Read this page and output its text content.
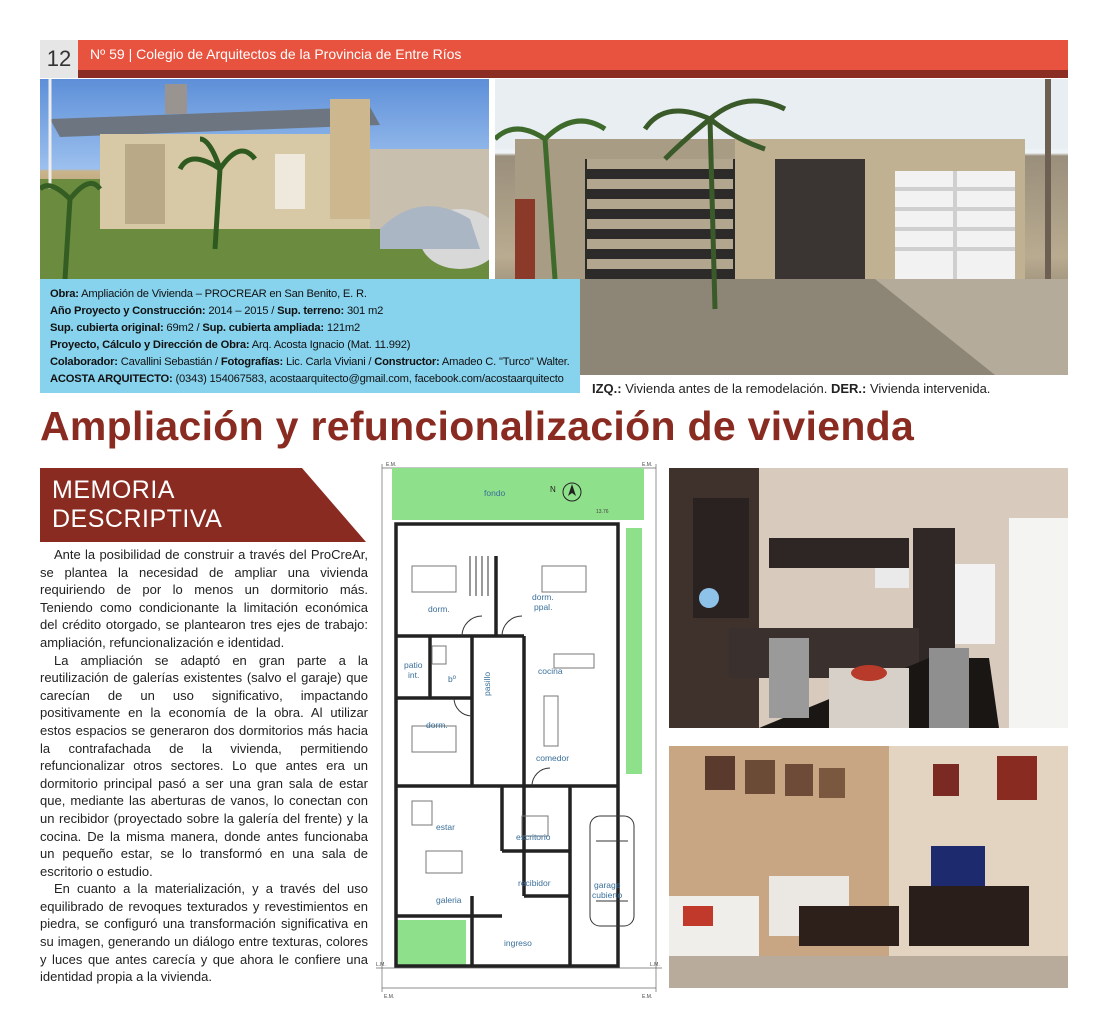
12	Nº 59 | Colegio de Arquitectos de la Provincia de Entre Ríos
Obra: Ampliación de Vivienda – PROCREAR en San Benito, E. R.
Año Proyecto y Construcción: 2014 – 2015 / Sup. terreno: 301 m2
Sup. cubierta original: 69m2 / Sup. cubierta ampliada: 121m2
Proyecto, Cálculo y Dirección de Obra: Arq. Acosta Ignacio (Mat. 11.992)
Colaborador: Cavallini Sebastián / Fotografías: Lic. Carla Viviani / Constructor: Amadeo C. "Turco" Walter.
ACOSTA ARQUITECTO: (0343) 154067583, acostaarquitecto@gmail.com, facebook.com/acostaarquitecto
IZQ.: Vivienda antes de la remodelación. DER.: Vivienda intervenida.
Ampliación y refuncionalización de vivienda
MEMORIA
DESCRIPTIVA

Ante la posibilidad de construir a través del ProCreAr, se plantea la necesidad de ampliar una vivienda requiriendo de por lo menos un dormitorio más. Teniendo como condicionante la limitación económica del crédito otorgado, se plantearon tres ejes de trabajo: ampliación, refuncionalización e identidad.

La ampliación se adaptó en gran parte a la reutilización de galerías existentes (salvo el garaje) que carecían de un uso significativo, impactando positivamente en la economía de la obra. Al utilizar estos espacios se generaron dos dormitorios más hacia la contrafachada de la vivienda, permitiendo refuncionalizar otros sectores. Lo que antes era un dormitorio principal pasó a ser una gran sala de estar que, mediante las aberturas de vanos, lo conectan con un recibidor (proyectado sobre la galería del frente) y la cocina. De la misma manera, donde antes funcionaba un pequeño estar, se lo transformó en una sala de escritorio o estudio.

En cuanto a la materialización, y a través del uso equilibrado de revoques texturados y revestimientos en piedra, se configuró una transformación significativa en su imagen, generando un diálogo entre texturas, colores y luces que antes carecía y que ahora le confiere una identidad propia a la vivienda.

fondo
dorm.
dorm.
ppal.
patio
int.	bº	pasillo
cocina
dorm.
comedor
estar
escritorio
recibidor	garage
cubierto
galeria
ingreso
N
13.76
E.M.	E.M.
E.M.	E.M.
L.M.	L.M.
